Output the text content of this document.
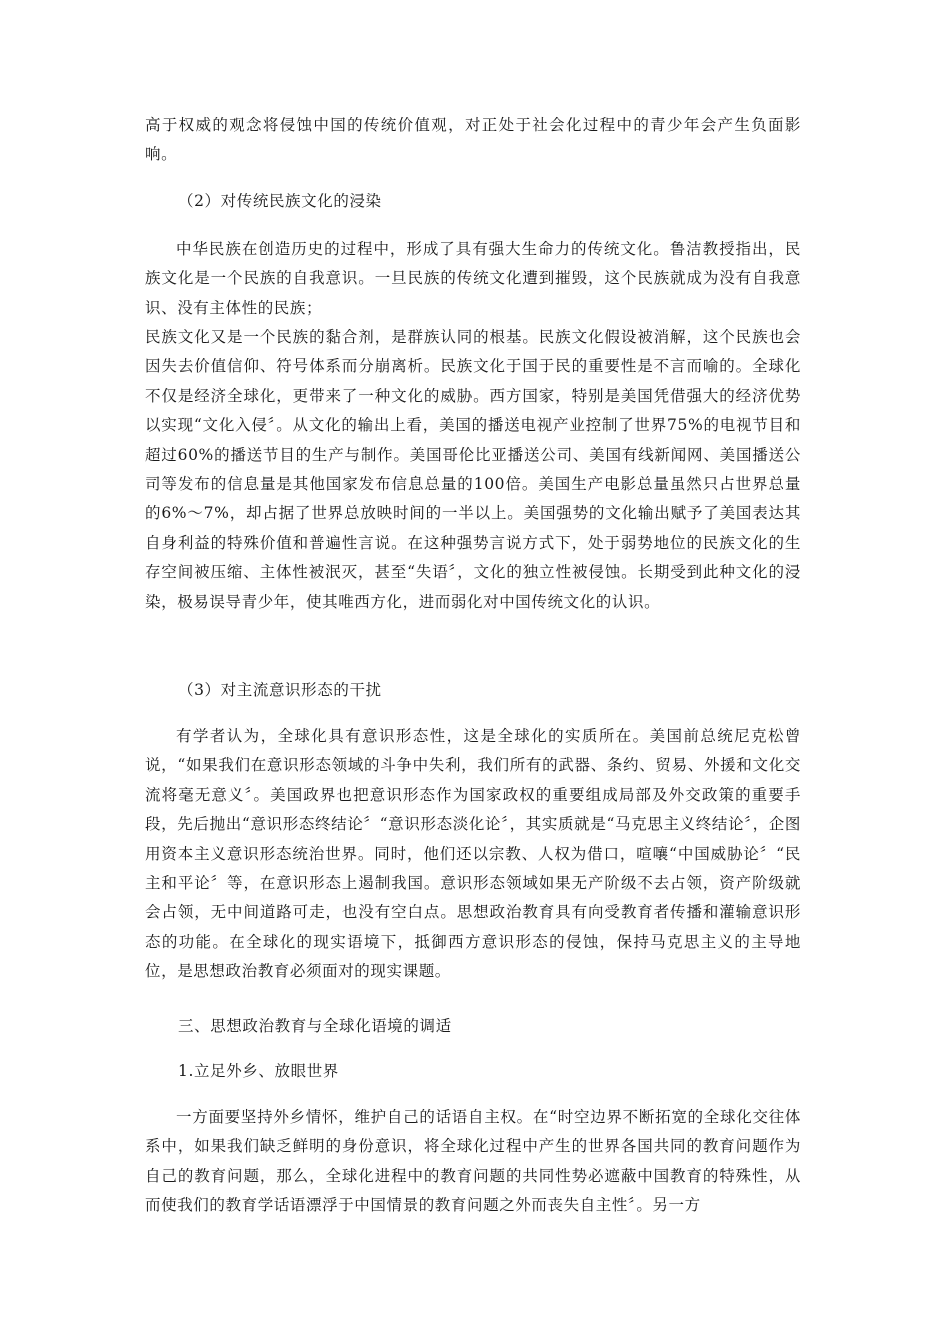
高于权威的观念将侵蚀中国的传统价值观，对正处于社会化过程中的青少年会产生负面影响。

（2）对传统民族文化的浸染

中华民族在创造历史的过程中，形成了具有强大生命力的传统文化。鲁洁教授指出，民族文化是一个民族的自我意识。一旦民族的传统文化遭到摧毁，这个民族就成为没有自我意识、没有主体性的民族；

民族文化又是一个民族的黏合剂，是群族认同的根基。民族文化假设被消解，这个民族也会因失去价值信仰、符号体系而分崩离析。民族文化于国于民的重要性是不言而喻的。全球化不仅是经济全球化，更带来了一种文化的威胁。西方国家，特别是美国凭借强大的经济优势以实现“文化入侵〞。从文化的输出上看，美国的播送电视产业控制了世界75%的电视节目和超过60%的播送节目的生产与制作。美国哥伦比亚播送公司、美国有线新闻网、美国播送公司等发布的信息量是其他国家发布信息总量的100倍。美国生产电影总量虽然只占世界总量的6%～7%，却占据了世界总放映时间的一半以上。美国强势的文化输出赋予了美国表达其自身利益的特殊价值和普遍性言说。在这种强势言说方式下，处于弱势地位的民族文化的生存空间被压缩、主体性被泯灭，甚至“失语〞，文化的独立性被侵蚀。长期受到此种文化的浸染，极易误导青少年，使其唯西方化，进而弱化对中国传统文化的认识。

（3）对主流意识形态的干扰

有学者认为，全球化具有意识形态性，这是全球化的实质所在。美国前总统尼克松曾说，“如果我们在意识形态领域的斗争中失利，我们所有的武器、条约、贸易、外援和文化交流将毫无意义〞。美国政界也把意识形态作为国家政权的重要组成局部及外交政策的重要手段，先后抛出“意识形态终结论〞“意识形态淡化论〞，其实质就是“马克思主义终结论〞，企图用资本主义意识形态统治世界。同时，他们还以宗教、人权为借口，喧嚷“中国威胁论〞“民主和平论〞等，在意识形态上遏制我国。意识形态领域如果无产阶级不去占领，资产阶级就会占领，无中间道路可走，也没有空白点。思想政治教育具有向受教育者传播和灌输意识形态的功能。在全球化的现实语境下，抵御西方意识形态的侵蚀，保持马克思主义的主导地位，是思想政治教育必须面对的现实课题。

三、思想政治教育与全球化语境的调适

1.立足外乡、放眼世界

一方面要坚持外乡情怀，维护自己的话语自主权。在“时空边界不断拓宽的全球化交往体系中，如果我们缺乏鲜明的身份意识，将全球化过程中产生的世界各国共同的教育问题作为自己的教育问题，那么，全球化进程中的教育问题的共同性势必遮蔽中国教育的特殊性，从而使我们的教育学话语漂浮于中国情景的教育问题之外而丧失自主性〞。另一方
